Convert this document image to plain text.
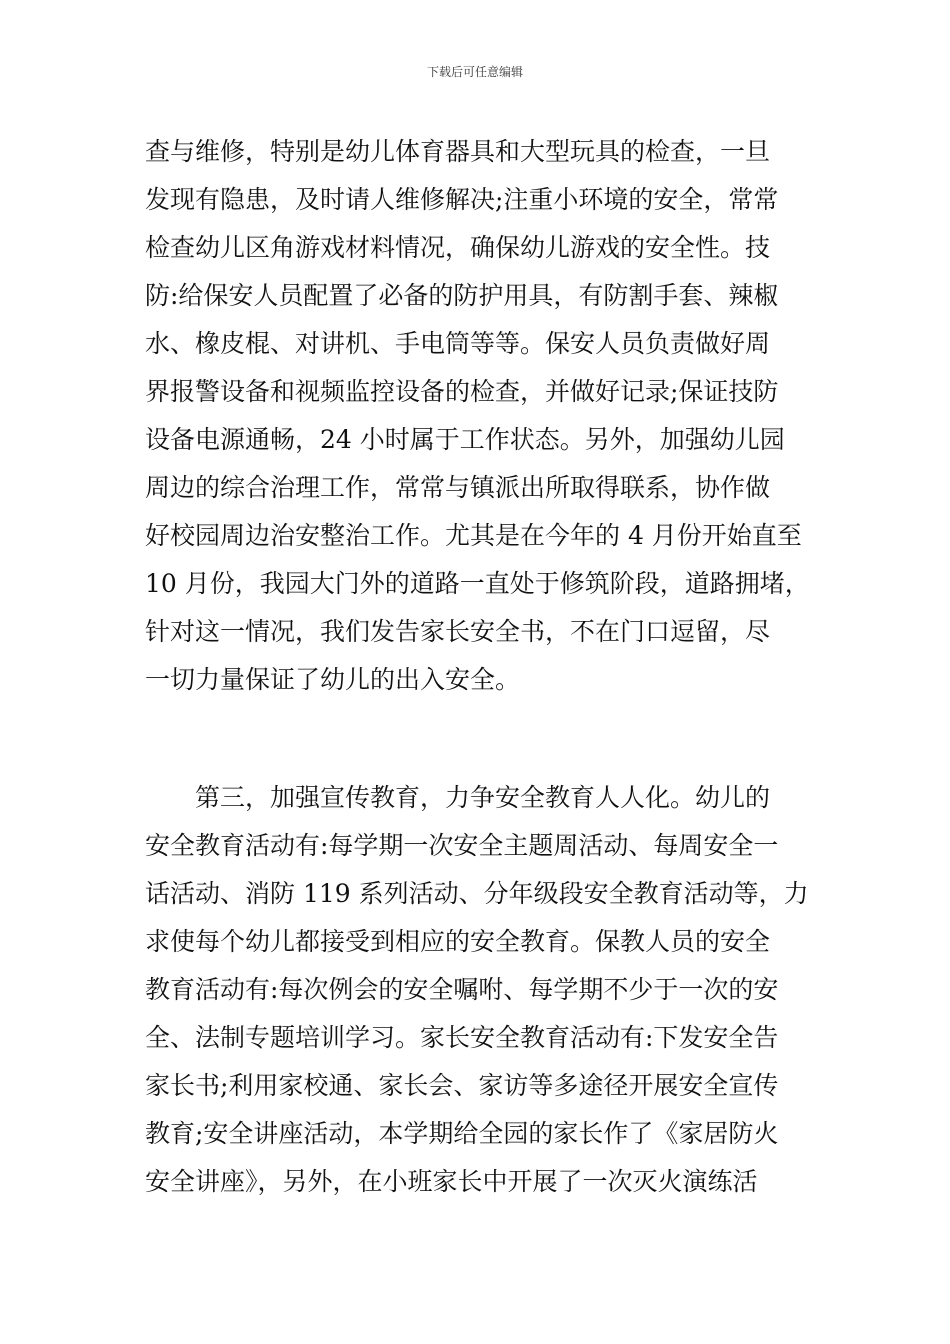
下载后可任意编辑
查与维修，特别是幼儿体育器具和大型玩具的检查，一旦
发现有隐患，及时请人维修解决;注重小环境的安全，常常
检查幼儿区角游戏材料情况，确保幼儿游戏的安全性。技
防:给保安人员配置了必备的防护用具，有防割手套、辣椒
水、橡皮棍、对讲机、手电筒等等。保安人员负责做好周
界报警设备和视频监控设备的检查，并做好记录;保证技防
设备电源通畅，24 小时属于工作状态。另外，加强幼儿园
周边的综合治理工作，常常与镇派出所取得联系，协作做
好校园周边治安整治工作。尤其是在今年的 4 月份开始直至
10 月份，我园大门外的道路一直处于修筑阶段，道路拥堵，
针对这一情况，我们发告家长安全书，不在门口逗留，尽
一切力量保证了幼儿的出入安全。
　　第三，加强宣传教育，力争安全教育人人化。幼儿的
安全教育活动有:每学期一次安全主题周活动、每周安全一
话活动、消防 119 系列活动、分年级段安全教育活动等，力
求使每个幼儿都接受到相应的安全教育。保教人员的安全
教育活动有:每次例会的安全嘱咐、每学期不少于一次的安
全、法制专题培训学习。家长安全教育活动有:下发安全告
家长书;利用家校通、家长会、家访等多途径开展安全宣传
教育;安全讲座活动，本学期给全园的家长作了《家居防火
安全讲座》，另外，在小班家长中开展了一次灭火演练活
